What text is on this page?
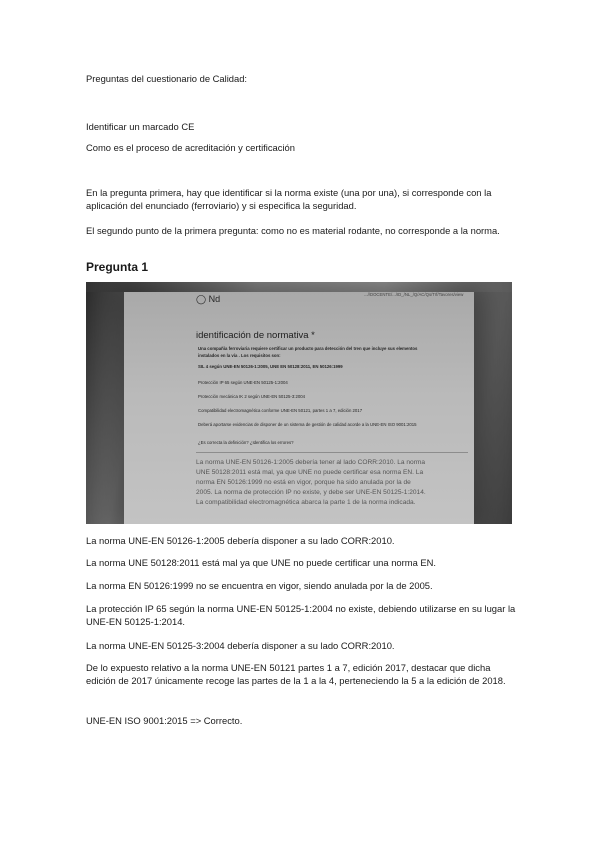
Preguntas del cuestionario de Calidad:
Identificar un marcado CE
Como es el proceso de acreditación y certificación
En la pregunta primera, hay que identificar si la norma existe (una por una), si corresponde con la aplicación del enunciado (ferroviario) y si especifica la seguridad.
El segundo punto de la primera pregunta: como no es material rodante, no corresponde a la norma.
Pregunta 1
...//DOCENTE/.../ID_/NL_/Q/AC/Qs/Trf/Tavores/view
◯ Nd
identificación de normativa *
Una compañía ferroviaria requiere certificar un producto para detección del tren que incluye sus elementos
instalados en la vía . Los requisitos son:
SIL 4 según UNE-EN 50126-1:2005, UNE EN 50128:2011, EN 50126:1999
Protección IP 65 según UNE-EN 50125-1:2004
Protección mecánica IK 2 según UNE-EN 50125-3:2004
Compatibilidad electromagnética conforme UNE-EN 50121, partes 1 a 7, edición 2017
Deberá aportarse evidencias de disponer de un sistema de gestión de calidad acorde a la UNE-EN ISO 9001:2015
¿Es correcta la definición? ¿Identifica los errores?
La norma UNE-EN 50126-1:2005 debería tener al lado CORR:2010. La norma
UNE 50128:2011 está mal, ya que UNE no puede certificar esa norma EN. La
norma EN 50126:1999 no está en vigor, porque ha sido anulada por la de
2005. La norma de protección IP no existe, y debe ser UNE-EN 50125-1:2014.
La compatibilidad electromagnética abarca la parte 1 de la norma indicada.
La norma UNE-EN 50126-1:2005 debería disponer a su lado CORR:2010.
La norma UNE 50128:2011 está mal ya que UNE no puede certificar una norma EN.
La norma EN 50126:1999 no se encuentra en vigor, siendo anulada por la de 2005.
La protección IP 65 según la norma UNE-EN 50125-1:2004 no existe, debiendo utilizarse en su lugar la UNE-EN 50125-1:2014.
La norma UNE-EN 50125-3:2004 debería disponer a su lado CORR:2010.
De lo expuesto relativo a la norma UNE-EN 50121 partes 1 a 7, edición 2017, destacar que dicha edición de 2017 únicamente recoge las partes de la 1 a la 4, perteneciendo la 5 a la edición de 2018.
UNE-EN ISO 9001:2015 => Correcto.
